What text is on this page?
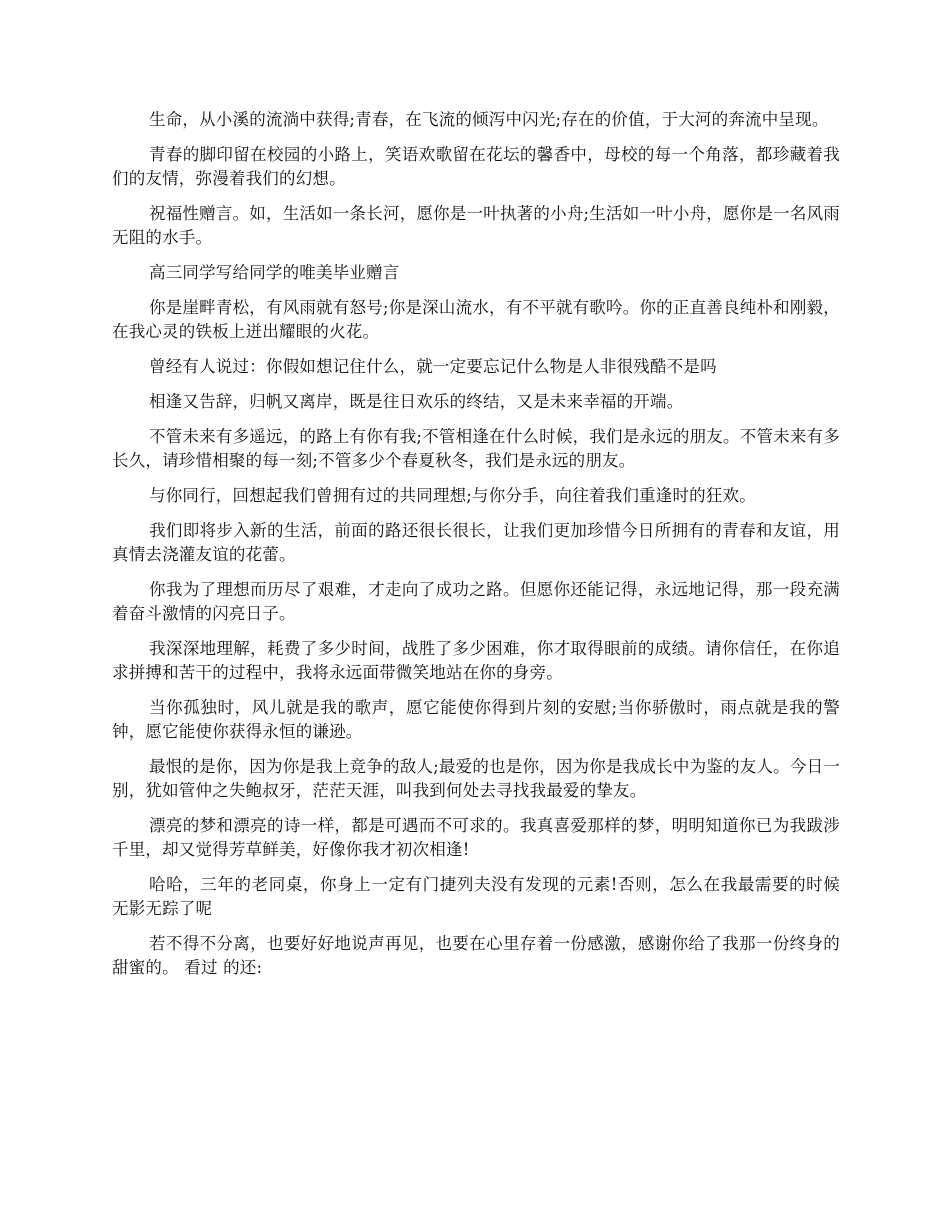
生命，从小溪的流淌中获得;青春，在飞流的倾泻中闪光;存在的价值，于大河的奔流中呈现。

青春的脚印留在校园的小路上，笑语欢歌留在花坛的馨香中，母校的每一个角落，都珍藏着我们的友情，弥漫着我们的幻想。

祝福性赠言。如，生活如一条长河，愿你是一叶执著的小舟;生活如一叶小舟，愿你是一名风雨无阻的水手。

高三同学写给同学的唯美毕业赠言

你是崖畔青松，有风雨就有怒号;你是深山流水，有不平就有歌吟。你的正直善良纯朴和刚毅，在我心灵的铁板上迸出耀眼的火花。

曾经有人说过：你假如想记住什么，就一定要忘记什么物是人非很残酷不是吗

相逢又告辞，归帆又离岸，既是往日欢乐的终结，又是未来幸福的开端。

不管未来有多遥远，的路上有你有我;不管相逢在什么时候，我们是永远的朋友。不管未来有多长久，请珍惜相聚的每一刻;不管多少个春夏秋冬，我们是永远的朋友。

与你同行，回想起我们曾拥有过的共同理想;与你分手，向往着我们重逢时的狂欢。

我们即将步入新的生活，前面的路还很长很长，让我们更加珍惜今日所拥有的青春和友谊，用真情去浇灌友谊的花蕾。

你我为了理想而历尽了艰难，才走向了成功之路。但愿你还能记得，永远地记得，那一段充满着奋斗激情的闪亮日子。

我深深地理解，耗费了多少时间，战胜了多少困难，你才取得眼前的成绩。请你信任，在你追求拼搏和苦干的过程中，我将永远面带微笑地站在你的身旁。

当你孤独时，风儿就是我的歌声，愿它能使你得到片刻的安慰;当你骄傲时，雨点就是我的警钟，愿它能使你获得永恒的谦逊。

最恨的是你，因为你是我上竞争的敌人;最爱的也是你，因为你是我成长中为鉴的友人。今日一别，犹如管仲之失鲍叔牙，茫茫天涯，叫我到何处去寻找我最爱的挚友。

漂亮的梦和漂亮的诗一样，都是可遇而不可求的。我真喜爱那样的梦，明明知道你已为我跋涉千里，却又觉得芳草鲜美，好像你我才初次相逢!

哈哈，三年的老同桌，你身上一定有门捷列夫没有发现的元素!否则，怎么在我最需要的时候无影无踪了呢

若不得不分离，也要好好地说声再见，也要在心里存着一份感激，感谢你给了我那一份终身的甜蜜的。 看过 的还:
